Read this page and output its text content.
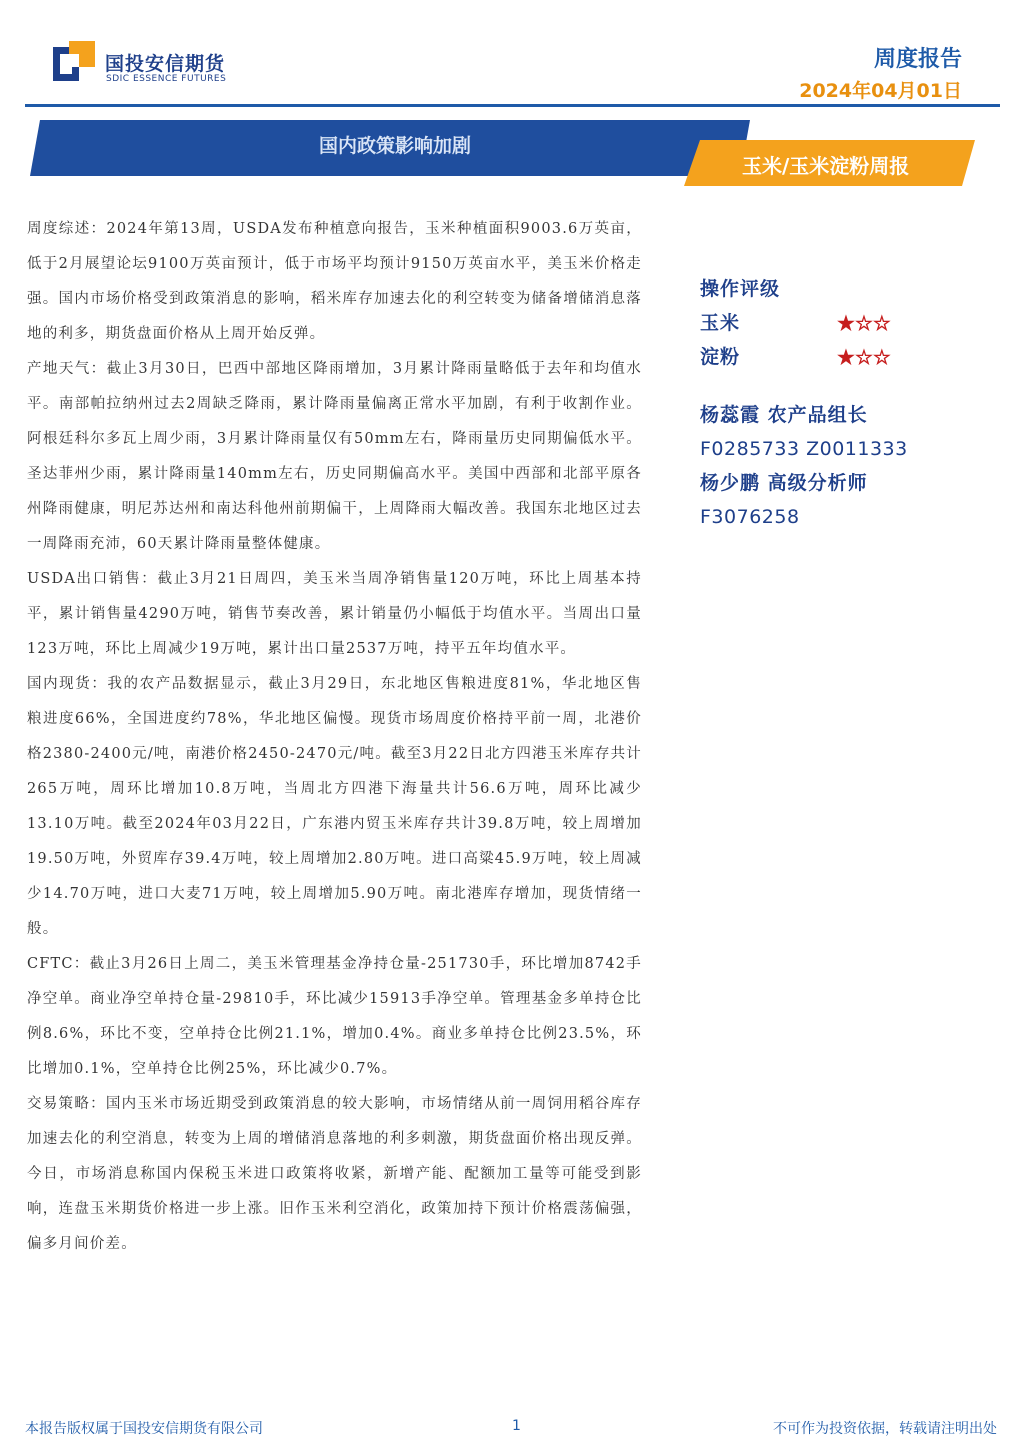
国投安信期货
SDIC ESSENCE FUTURES
周度报告
2024年04月01日
国内政策影响加剧
玉米/玉米淀粉周报

周度综述：2024年第13周，USDA发布种植意向报告，玉米种植面积9003.6万英亩，低于2月展望论坛9100万英亩预计，低于市场平均预计9150万英亩水平，美玉米价格走强。国内市场价格受到政策消息的影响，稻米库存加速去化的利空转变为储备增储消息落地的利多，期货盘面价格从上周开始反弹。

产地天气：截止3月30日，巴西中部地区降雨增加，3月累计降雨量略低于去年和均值水平。南部帕拉纳州过去2周缺乏降雨，累计降雨量偏离正常水平加剧，有利于收割作业。阿根廷科尔多瓦上周少雨，3月累计降雨量仅有50mm左右，降雨量历史同期偏低水平。圣达菲州少雨，累计降雨量140mm左右，历史同期偏高水平。美国中西部和北部平原各州降雨健康，明尼苏达州和南达科他州前期偏干，上周降雨大幅改善。我国东北地区过去一周降雨充沛，60天累计降雨量整体健康。

USDA出口销售：截止3月21日周四，美玉米当周净销售量120万吨，环比上周基本持平，累计销售量4290万吨，销售节奏改善，累计销量仍小幅低于均值水平。当周出口量123万吨，环比上周减少19万吨，累计出口量2537万吨，持平五年均值水平。

国内现货：我的农产品数据显示，截止3月29日，东北地区售粮进度81%，华北地区售粮进度66%，全国进度约78%，华北地区偏慢。现货市场周度价格持平前一周，北港价格2380-2400元/吨，南港价格2450-2470元/吨。截至3月22日北方四港玉米库存共计265万吨，周环比增加10.8万吨，当周北方四港下海量共计56.6万吨，周环比减少13.10万吨。截至2024年03月22日，广东港内贸玉米库存共计39.8万吨，较上周增加19.50万吨，外贸库存39.4万吨，较上周增加2.80万吨。进口高粱45.9万吨，较上周减少14.70万吨，进口大麦71万吨，较上周增加5.90万吨。南北港库存增加，现货情绪一般。

CFTC：截止3月26日上周二，美玉米管理基金净持仓量-251730手，环比增加8742手净空单。商业净空单持仓量-29810手，环比减少15913手净空单。管理基金多单持仓比例8.6%，环比不变，空单持仓比例21.1%，增加0.4%。商业多单持仓比例23.5%，环比增加0.1%，空单持仓比例25%，环比减少0.7%。

交易策略：国内玉米市场近期受到政策消息的较大影响，市场情绪从前一周饲用稻谷库存加速去化的利空消息，转变为上周的增储消息落地的利多刺激，期货盘面价格出现反弹。今日，市场消息称国内保税玉米进口政策将收紧，新增产能、配额加工量等可能受到影响，连盘玉米期货价格进一步上涨。旧作玉米利空消化，政策加持下预计价格震荡偏强，偏多月间价差。

操作评级
玉米	★☆☆
淀粉	★☆☆
杨蕊霞 农产品组长
F0285733 Z0011333
杨少鹏 高级分析师
F3076258
本报告版权属于国投安信期货有限公司	1	不可作为投资依据，转载请注明出处
